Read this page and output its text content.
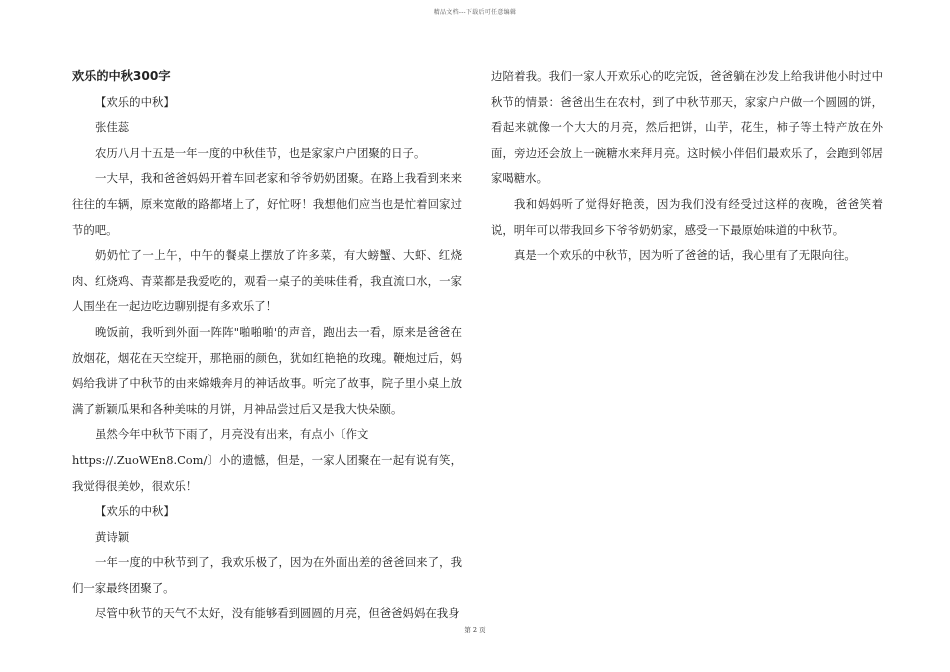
精品文档---下载后可任意编辑
欢乐的中秋300字

【欢乐的中秋】

张佳蕊

农历八月十五是一年一度的中秋佳节，也是家家户户团聚的日子。

一大早，我和爸爸妈妈开着车回老家和爷爷奶奶团聚。在路上我看到来来往往的车辆，原来宽敞的路都堵上了，好忙呀！我想他们应当也是忙着回家过节的吧。

奶奶忙了一上午，中午的餐桌上摆放了许多菜，有大螃蟹、大虾、红烧肉、红烧鸡、青菜都是我爱吃的，观看一桌子的美味佳肴，我直流口水，一家人围坐在一起边吃边聊别提有多欢乐了！

晚饭前，我听到外面一阵阵"啪啪啪'的声音，跑出去一看，原来是爸爸在放烟花，烟花在天空绽开，那艳丽的颜色，犹如红艳艳的玫瑰。鞭炮过后，妈妈给我讲了中秋节的由来嫦娥奔月的神话故事。听完了故事，院子里小桌上放满了新颖瓜果和各种美味的月饼，月神品尝过后又是我大快朵颐。

虽然今年中秋节下雨了，月亮没有出来，有点小〔作文

https://.ZuoWEn8.Com/〕小的遗憾，但是，一家人团聚在一起有说有笑，我觉得很美妙，很欢乐！

【欢乐的中秋】

黄诗颖

一年一度的中秋节到了，我欢乐极了，因为在外面出差的爸爸回来了，我们一家最终团聚了。

尽管中秋节的天气不太好，没有能够看到圆圆的月亮，但爸爸妈妈在我身

边陪着我。我们一家人开欢乐心的吃完饭，爸爸躺在沙发上给我讲他小时过中秋节的情景：爸爸出生在农村，到了中秋节那天，家家户户做一个圆圆的饼，看起来就像一个大大的月亮，然后把饼，山芋，花生，柿子等土特产放在外面，旁边还会放上一碗糖水来拜月亮。这时候小伴侣们最欢乐了，会跑到邻居家喝糖水。

我和妈妈听了觉得好艳羡，因为我们没有经受过这样的夜晚，爸爸笑着说，明年可以带我回乡下爷爷奶奶家，感受一下最原始味道的中秋节。

真是一个欢乐的中秋节，因为听了爸爸的话，我心里有了无限向往。

第 2 页
